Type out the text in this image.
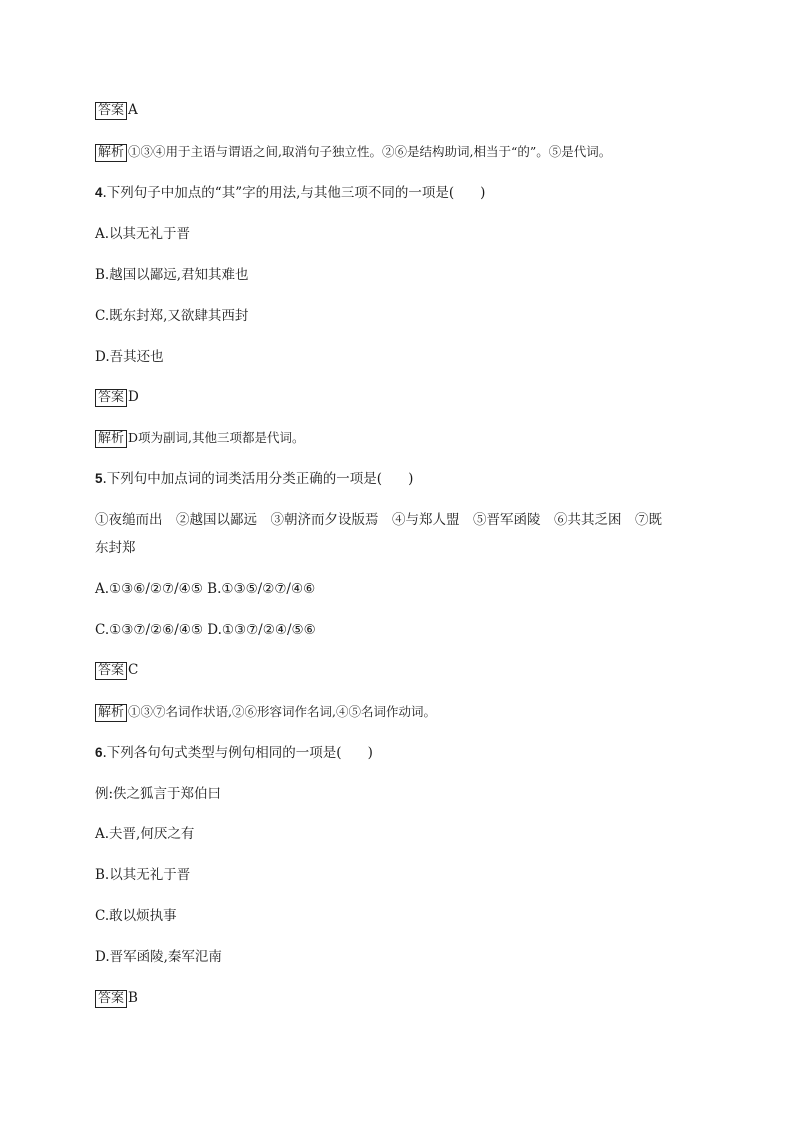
答案 A
解析 ①③④用于主语与谓语之间,取消句子独立性。②⑥是结构助词,相当于“的”。⑤是代词。
4.下列句子中加点的“其”字的用法,与其他三项不同的一项是( )
A.以其无礼于晋
B.越国以鄙远,君知其难也
C.既东封郑,又欲肆其西封
D.吾其还也
答案 D
解析 D项为副词,其他三项都是代词。
5.下列句中加点词的词类活用分类正确的一项是( )
①夜缒而出　②越国以鄙远　③朝济而夕设版焉　④与郑人盟　⑤晋军函陵　⑥共其乏困　⑦既
东封郑
A.①③⑥/②⑦/④⑤ B.①③⑤/②⑦/④⑥
C.①③⑦/②⑥/④⑤ D.①③⑦/②④/⑤⑥
答案 C
解析 ①③⑦名词作状语,②⑥形容词作名词,④⑤名词作动词。
6.下列各句句式类型与例句相同的一项是( )
例:佚之狐言于郑伯曰
A.夫晋,何厌之有
B.以其无礼于晋
C.敢以烦执事
D.晋军函陵,秦军氾南
答案 B
